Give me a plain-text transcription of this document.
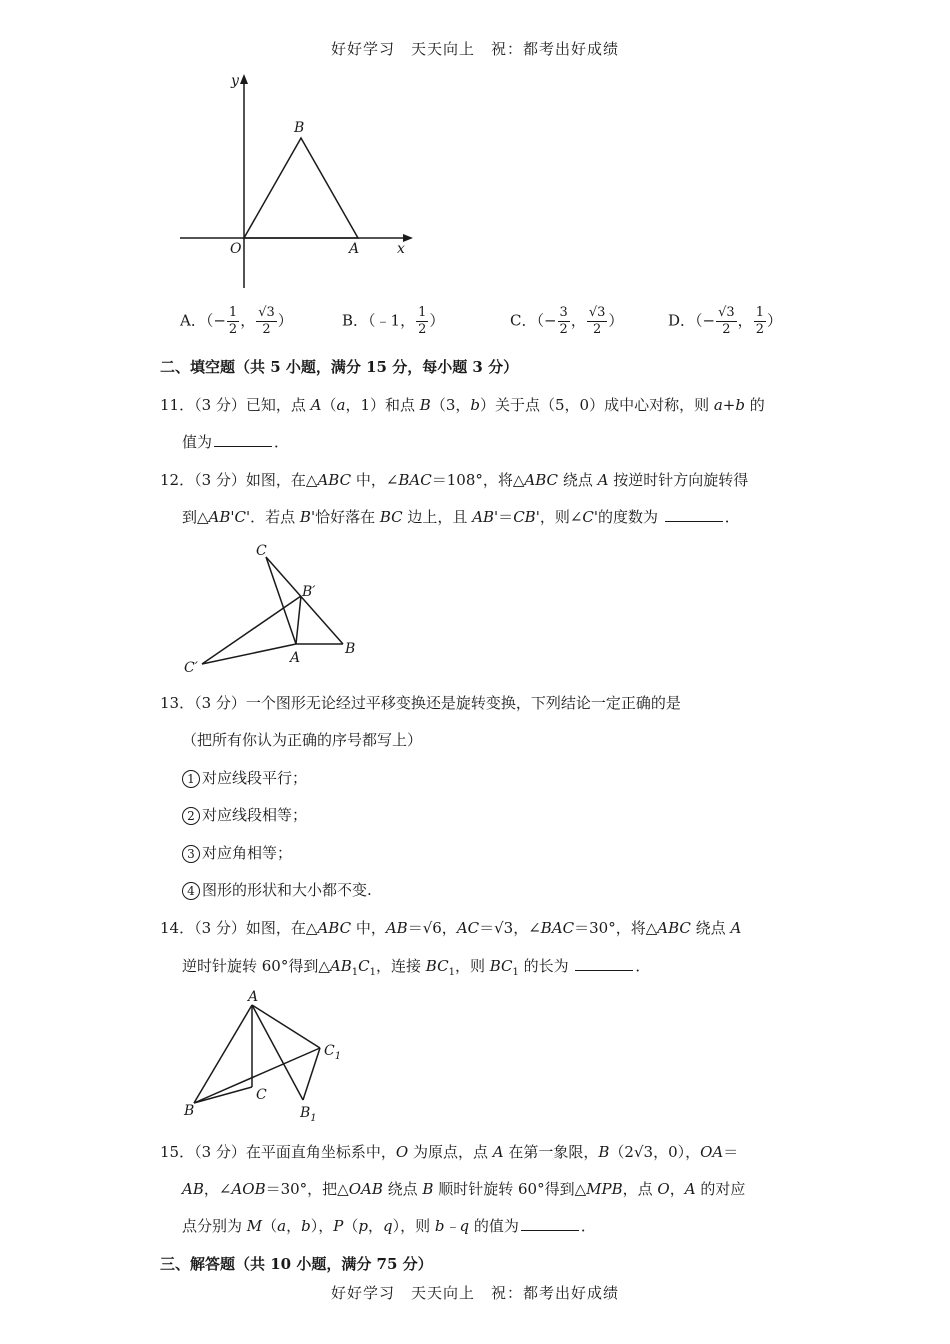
好好学习　天天向上　祝：都考出好成绩
y
x
O	A
B
A．（− $\frac{1}{2}$ ， $\frac{√3}{2}$ ）	B．（﹣1， $\frac{1}{2}$ ）	C．（− $\frac{3}{2}$ ， $\frac{√3}{2}$ ）	D．（− $\frac{√3}{2}$ ， $\frac{1}{2}$ ）
二、填空题（共 5 小题，满分 15 分，每小题 3 分）
11．（3 分）已知，点 A（a，1）和点 B（3，b）关于点（5，0）成中心对称，则 a+b 的
值为	．
12．（3 分）如图，在△ABC 中，∠BAC＝108°，将△ABC 绕点 A 按逆时针方向旋转得
到△AB'C'．若点 B'恰好落在 BC 边上，且 AB'＝CB'，则∠C'的度数为	．
C
B′
B
A
C′
13．（3 分）一个图形无论经过平移变换还是旋转变换，下列结论一定正确的是
（把所有你认为正确的序号都写上）
1 对应线段平行；
2 对应线段相等；
3 对应角相等；
4 图形的形状和大小都不变.
14．（3 分）如图，在△ABC 中，AB＝√6，AC＝√3，∠BAC＝30°，将△ABC 绕点 A
逆时针旋转 60°得到$\triangle AB_1C_1$，连接 $BC_1$，则 $BC_1$ 的长为	．
A
$C_1$
C
B	$B_1$
15．（3 分）在平面直角坐标系中，O 为原点，点 A 在第一象限，B（2√3，0），OA＝
AB，∠AOB＝30°，把△OAB 绕点 B 顺时针旋转 60°得到△MPB，点 O，A 的对应
点分别为 M（a，b），P（p，q），则 b﹣q 的值为	．
三、解答题（共 10 小题，满分 75 分）
好好学习　天天向上　祝：都考出好成绩
